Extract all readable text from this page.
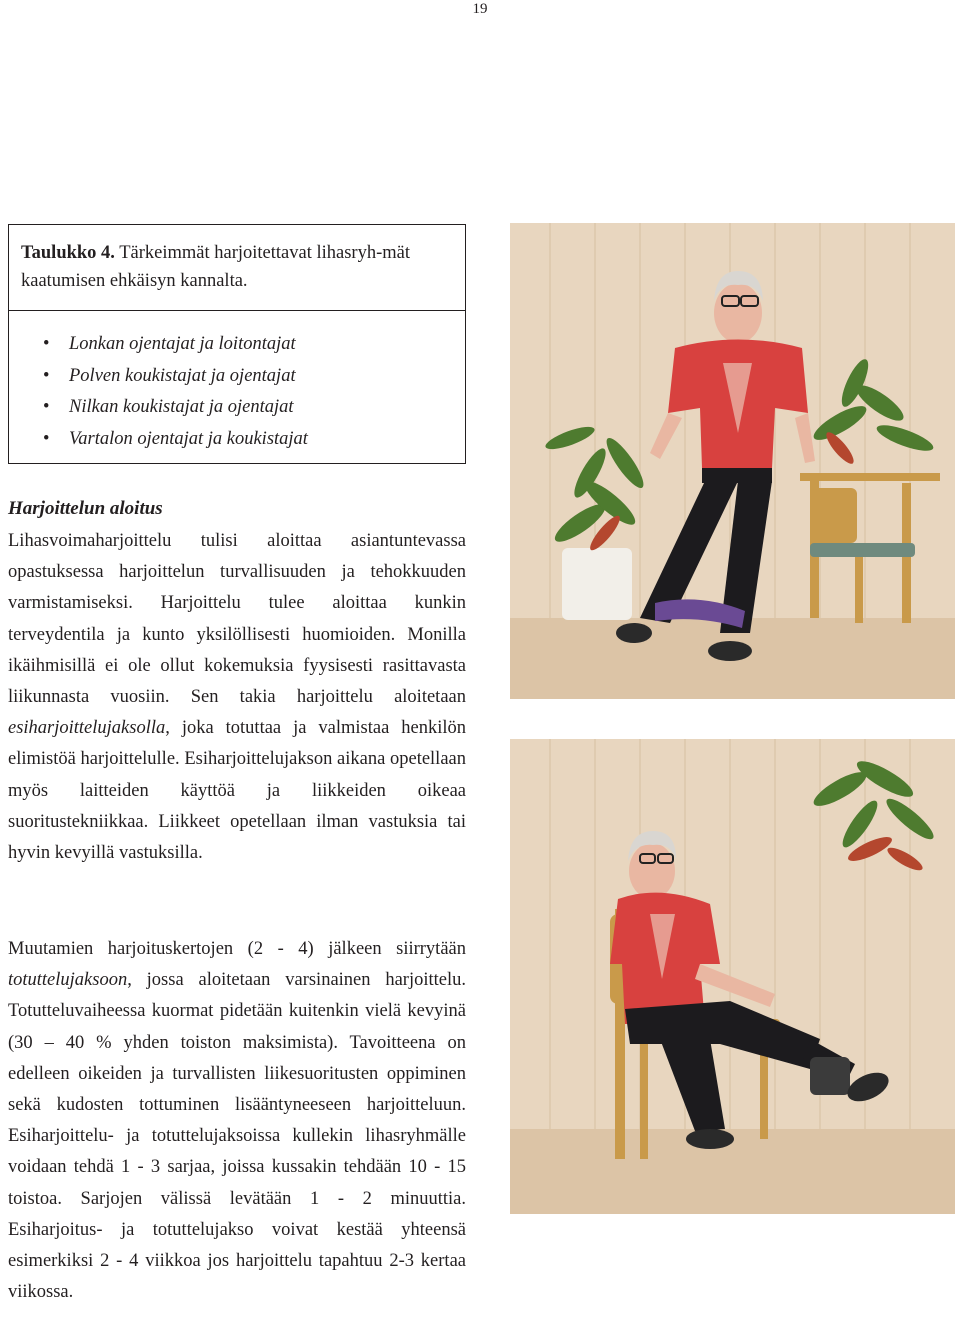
19
Taulukko 4. Tärkeimmät harjoitettavat lihasryh-mät kaatumisen ehkäisyn kannalta.
• Lonkan ojentajat ja loitontajat
• Polven koukistajat ja ojentajat
• Nilkan koukistajat ja ojentajat
• Vartalon ojentajat ja koukistajat
Harjoittelun aloitus

Lihasvoimaharjoittelu tulisi aloittaa asiantuntevassa opastuksessa harjoittelun turvallisuuden ja tehokkuuden varmistamiseksi. Harjoittelu tulee aloittaa kunkin terveydentila ja kunto yksilöllisesti huomioiden. Monilla ikäihmisillä ei ole ollut kokemuksia fyysisesti rasittavasta liikunnasta vuosiin. Sen takia harjoittelu aloitetaan esiharjoittelujaksolla, joka totuttaa ja valmistaa henkilön elimistöä harjoittelulle. Esiharjoittelujakson aikana opetellaan myös laitteiden käyttöä ja liikkeiden oikeaa suoritustekniikkaa. Liikkeet opetellaan ilman vastuksia tai hyvin kevyillä vastuksilla.

Muutamien harjoituskertojen (2 - 4) jälkeen siirrytään totuttelujaksoon, jossa aloitetaan varsinainen harjoittelu. Totutteluvaiheessa kuormat pidetään kuitenkin vielä kevyinä (30 – 40 % yhden toiston maksimista). Tavoitteena on edelleen oikeiden ja turvallisten liikesuoritusten oppiminen sekä kudosten tottuminen lisääntyneeseen harjoitteluun. Esiharjoittelu- ja totuttelujaksoissa kullekin lihasryhmälle voidaan tehdä 1 - 3 sarjaa, joissa kussakin tehdään 10 - 15 toistoa. Sarjojen välissä levätään 1 - 2 minuuttia. Esiharjoitus- ja totuttelujakso voivat kestää yhteensä esimerkiksi 2 - 4 viikkoa jos harjoittelu tapahtuu 2-3 kertaa viikossa.
